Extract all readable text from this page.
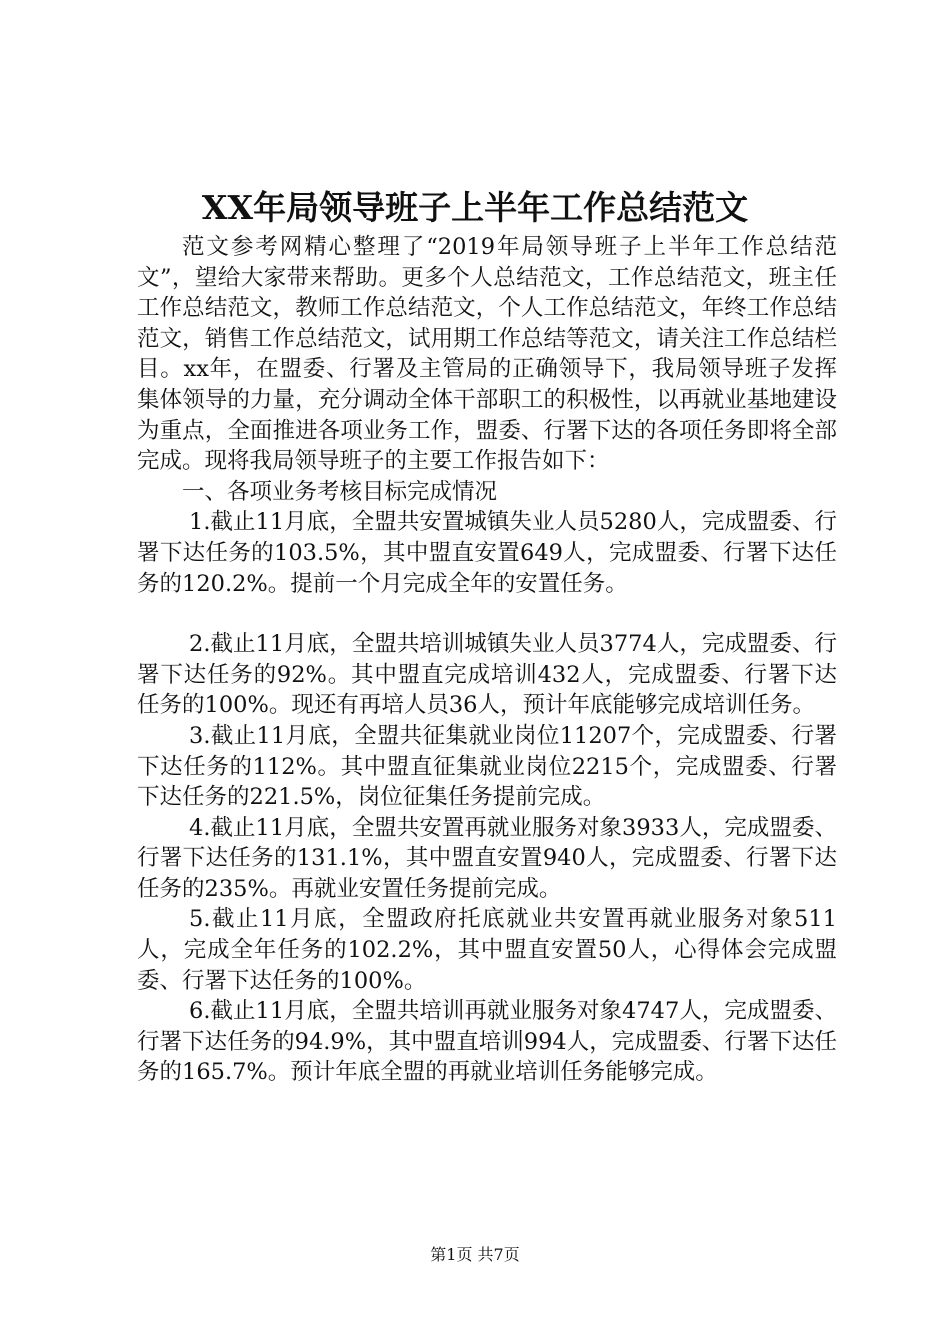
XX年局领导班子上半年工作总结范文

范文参考网精心整理了“2019年局领导班子上半年工作总结范文”，望给大家带来帮助。更多个人总结范文，工作总结范文，班主任工作总结范文，教师工作总结范文，个人工作总结范文，年终工作总结范文，销售工作总结范文，试用期工作总结等范文，请关注工作总结栏目。xx年，在盟委、行署及主管局的正确领导下，我局领导班子发挥集体领导的力量，充分调动全体干部职工的积极性，以再就业基地建设为重点，全面推进各项业务工作，盟委、行署下达的各项任务即将全部完成。现将我局领导班子的主要工作报告如下：

一、各项业务考核目标完成情况

1.截止11月底，全盟共安置城镇失业人员5280人，完成盟委、行署下达任务的103.5%，其中盟直安置649人，完成盟委、行署下达任务的120.2%。提前一个月完成全年的安置任务。

2.截止11月底，全盟共培训城镇失业人员3774人，完成盟委、行署下达任务的92%。其中盟直完成培训432人，完成盟委、行署下达任务的100%。现还有再培人员36人，预计年底能够完成培训任务。

3.截止11月底，全盟共征集就业岗位11207个，完成盟委、行署下达任务的112%。其中盟直征集就业岗位2215个，完成盟委、行署下达任务的221.5%，岗位征集任务提前完成。

4.截止11月底，全盟共安置再就业服务对象3933人，完成盟委、行署下达任务的131.1%，其中盟直安置940人，完成盟委、行署下达任务的235%。再就业安置任务提前完成。

5.截止11月底，全盟政府托底就业共安置再就业服务对象511人，完成全年任务的102.2%，其中盟直安置50人，心得体会完成盟委、行署下达任务的100%。

6.截止11月底，全盟共培训再就业服务对象4747人，完成盟委、行署下达任务的94.9%，其中盟直培训994人，完成盟委、行署下达任务的165.7%。预计年底全盟的再就业培训任务能够完成。

第1页 共7页
